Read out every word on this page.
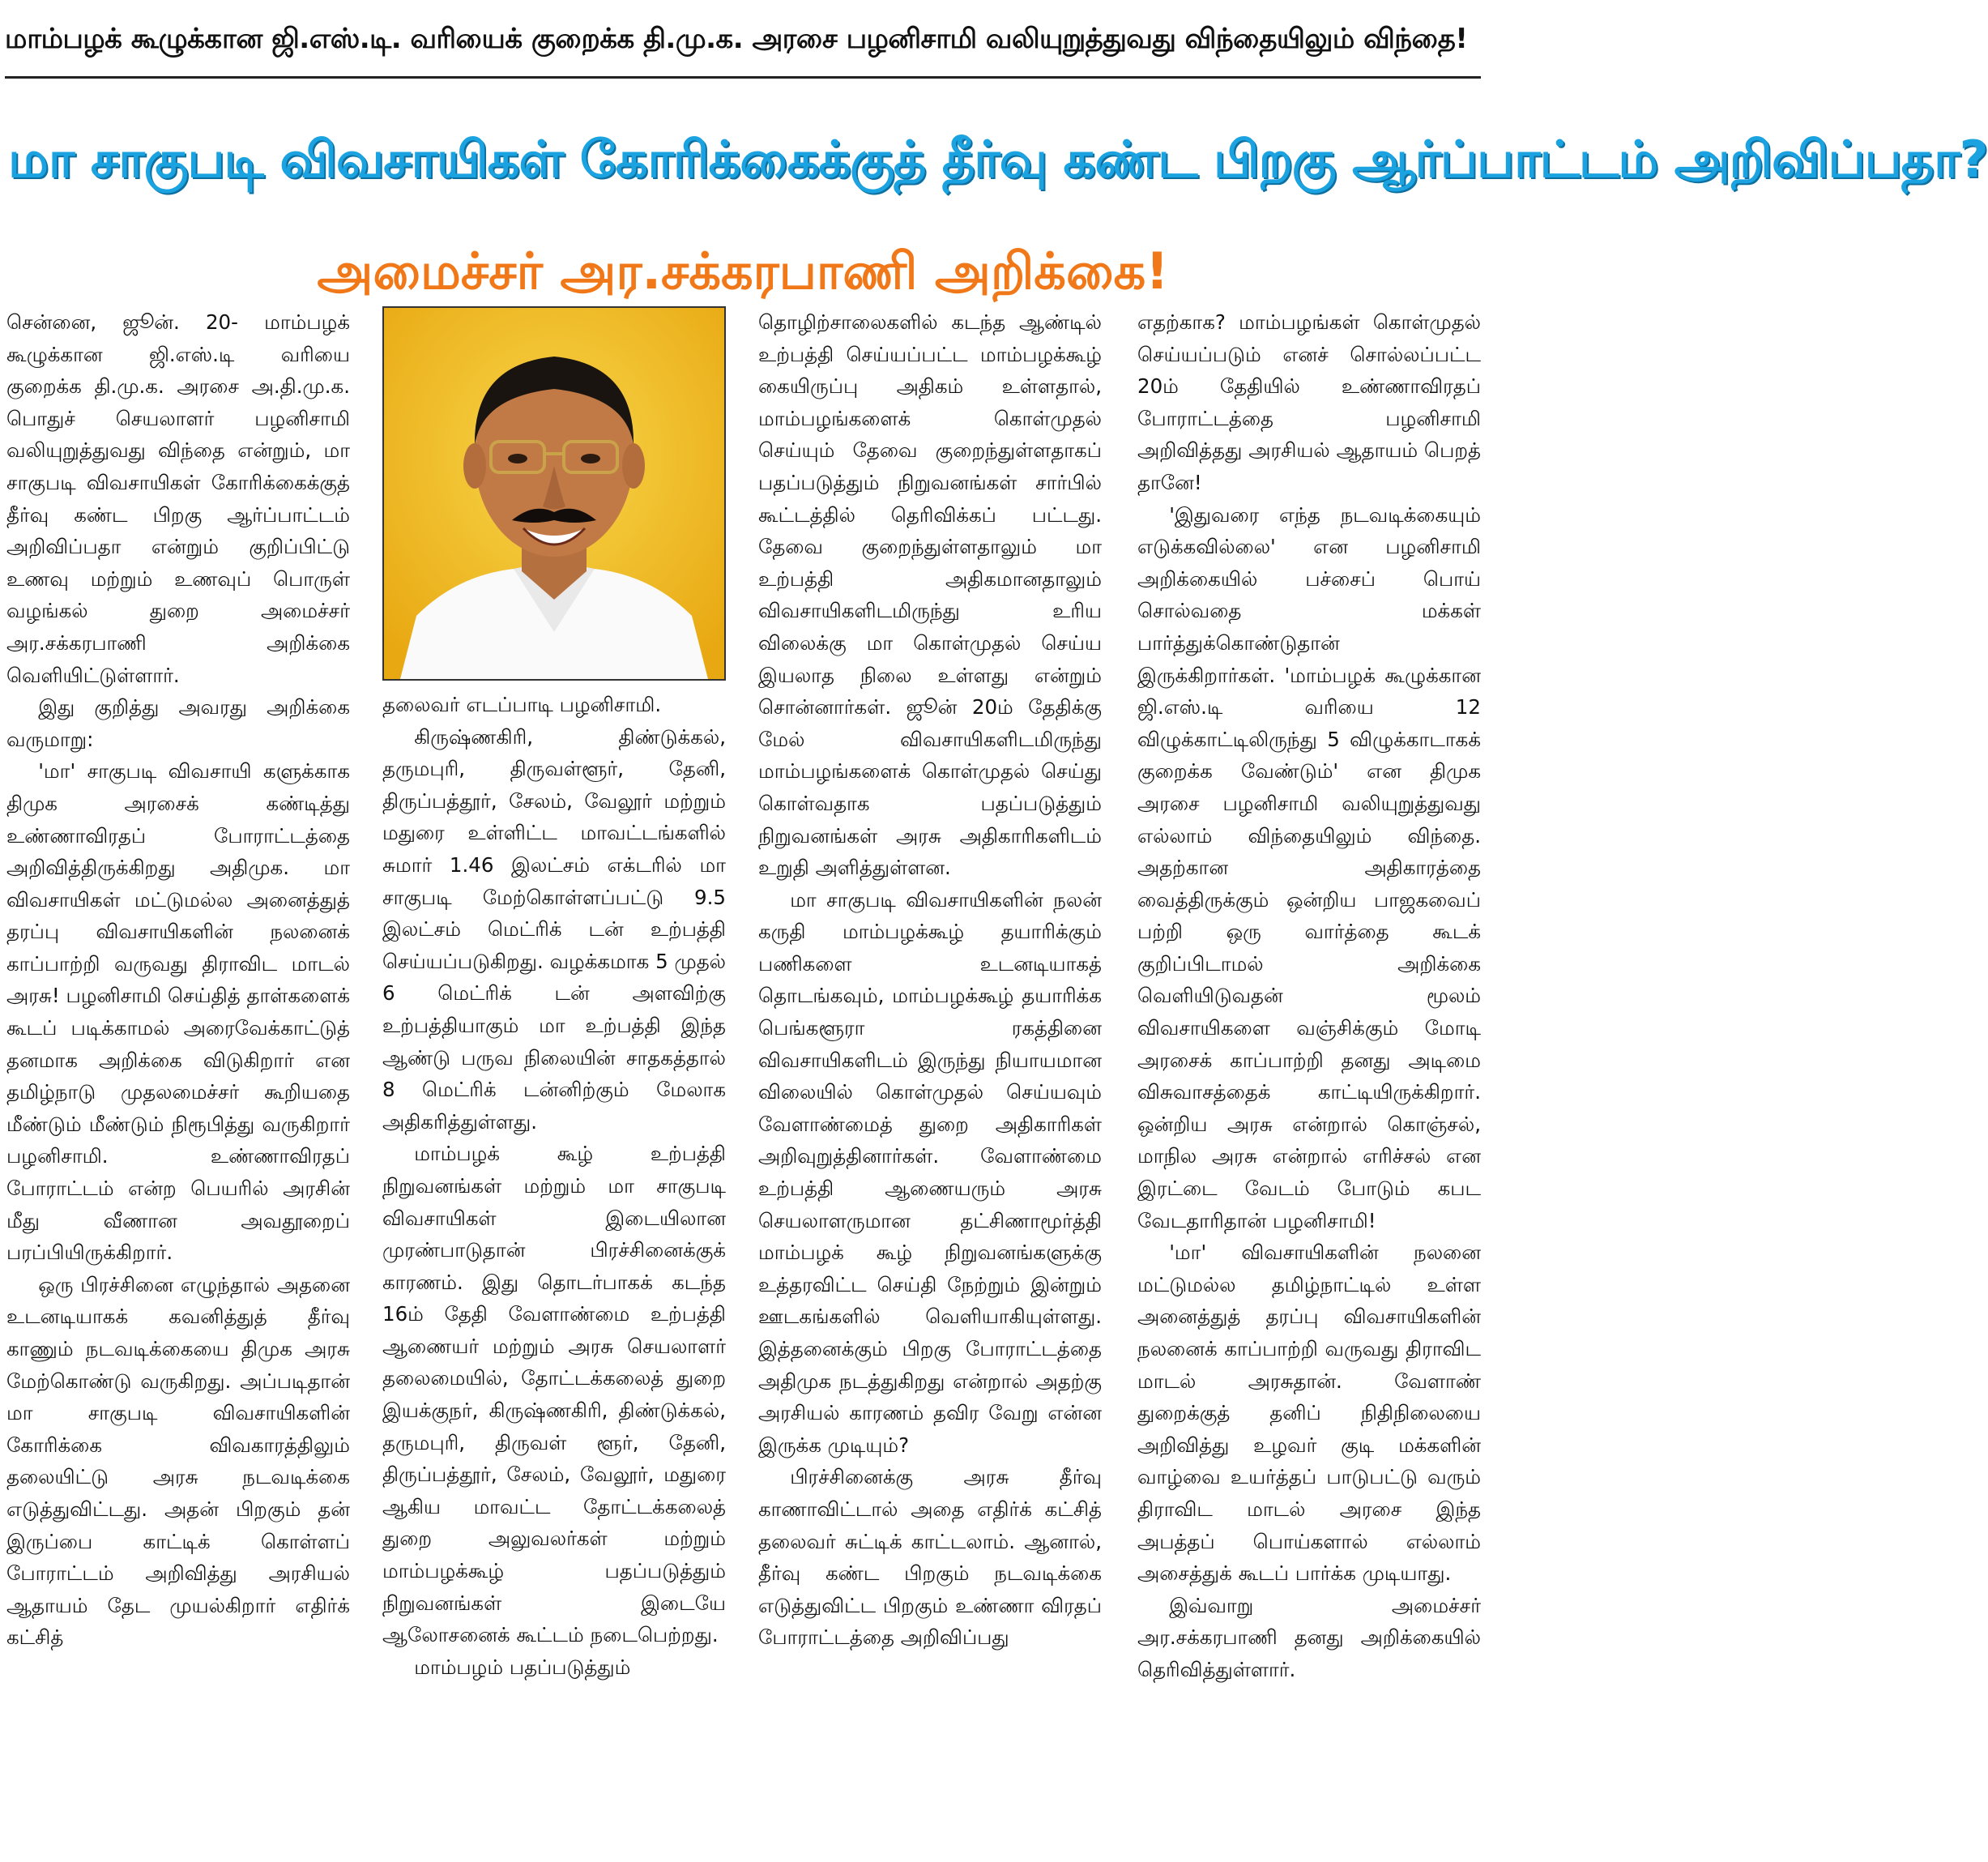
மாம்பழக் கூழுக்கான ஜி.எஸ்.டி. வரியைக் குறைக்க தி.மு.க. அரசை பழனிசாமி வலியுறுத்துவது விந்தையிலும் விந்தை!
மா சாகுபடி விவசாயிகள் கோரிக்கைக்குத் தீர்வு கண்ட பிறகு ஆர்ப்பாட்டம் அறிவிப்பதா?
அமைச்சர் அர.சக்கரபாணி அறிக்கை!

சென்னை, ஜூன். 20- மாம்பழக் கூழுக்கான ஜி.எஸ்.டி வரியை குறைக்க தி.மு.க. அரசை அ.தி.மு.க. பொதுச் செயலாளர் பழனிசாமி வலியுறுத்துவது விந்தை என்றும், மா சாகுபடி விவசாயிகள் கோரிக்கைக்குத் தீர்வு கண்ட பிறகு ஆர்ப்பாட்டம் அறிவிப்பதா என்றும் குறிப்பிட்டு உணவு மற்றும் உணவுப் பொருள் வழங்கல் துறை அமைச்சர் அர.சக்கரபாணி அறிக்கை வெளியிட்டுள்ளார்.

இது குறித்து அவரது அறிக்கை வருமாறு:

'மா' சாகுபடி விவசாயி களுக்காக திமுக அரசைக் கண்டித்து உண்ணாவிரதப் போராட்டத்தை அறிவித்திருக்கிறது அதிமுக. மா விவசாயிகள் மட்டுமல்ல அனைத்துத் தரப்பு விவசாயிகளின் நலனைக் காப்பாற்றி வருவது திராவிட மாடல் அரசு! பழனிசாமி செய்தித் தாள்களைக் கூடப் படிக்காமல் அரைவேக்காட்டுத் தனமாக அறிக்கை விடுகிறார் என தமிழ்நாடு முதலமைச்சர் கூறியதை மீண்டும் மீண்டும் நிரூபித்து வருகிறார் பழனிசாமி. உண்ணாவிரதப் போராட்டம் என்ற பெயரில் அரசின் மீது வீணான அவதூறைப் பரப்பியிருக்கிறார்.

ஒரு பிரச்சினை எழுந்தால் அதனை உடனடியாகக் கவனித்துத் தீர்வு காணும் நடவடிக்கையை திமுக அரசு மேற்கொண்டு வருகிறது. அப்படிதான் மா சாகுபடி விவசாயிகளின் கோரிக்கை விவகாரத்திலும் தலையிட்டு அரசு நடவடிக்கை எடுத்துவிட்டது. அதன் பிறகும் தன் இருப்பை காட்டிக் கொள்ளப் போராட்டம் அறிவித்து அரசியல் ஆதாயம் தேட முயல்கிறார் எதிர்க் கட்சித்

தலைவர் எடப்பாடி பழனிசாமி.

கிருஷ்ணகிரி, திண்டுக்கல், தருமபுரி, திருவள்ளூர், தேனி, திருப்பத்தூர், சேலம், வேலூர் மற்றும் மதுரை உள்ளிட்ட மாவட்டங்களில் சுமார் 1.46 இலட்சம் எக்டரில் மா சாகுபடி மேற்கொள்ளப்பட்டு 9.5 இலட்சம் மெட்ரிக் டன் உற்பத்தி செய்யப்படுகிறது. வழக்கமாக 5 முதல் 6 மெட்ரிக் டன் அளவிற்கு உற்பத்தியாகும் மா உற்பத்தி இந்த ஆண்டு பருவ நிலையின் சாதகத்தால் 8 மெட்ரிக் டன்னிற்கும் மேலாக அதிகரித்துள்ளது.

மாம்பழக் கூழ் உற்பத்தி நிறுவனங்கள் மற்றும் மா சாகுபடி விவசாயிகள் இடையிலான முரண்பாடுதான் பிரச்சினைக்குக் காரணம். இது தொடர்பாகக் கடந்த 16ம் தேதி வேளாண்மை உற்பத்தி ஆணையர் மற்றும் அரசு செயலாளர் தலைமையில், தோட்டக்கலைத் துறை இயக்குநர், கிருஷ்ணகிரி, திண்டுக்கல், தருமபுரி, திருவள் ளூர், தேனி, திருப்பத்தூர், சேலம், வேலூர், மதுரை ஆகிய மாவட்ட தோட்டக்கலைத் துறை அலுவலர்கள் மற்றும் மாம்பழக்கூழ் பதப்படுத்தும் நிறுவனங்கள் இடையே ஆலோசனைக் கூட்டம் நடைபெற்றது.

மாம்பழம் பதப்படுத்தும்

தொழிற்சாலைகளில் கடந்த ஆண்டில் உற்பத்தி செய்யப்பட்ட மாம்பழக்கூழ் கையிருப்பு அதிகம் உள்ளதால், மாம்பழங்களைக் கொள்முதல் செய்யும் தேவை குறைந்துள்ளதாகப் பதப்படுத்தும் நிறுவனங்கள் சார்பில் கூட்டத்தில் தெரிவிக்கப் பட்டது. தேவை குறைந்துள்ளதாலும் மா உற்பத்தி அதிகமானதாலும் விவசாயிகளிடமிருந்து உரிய விலைக்கு மா கொள்முதல் செய்ய இயலாத நிலை உள்ளது என்றும் சொன்னார்கள். ஜூன் 20ம் தேதிக்கு மேல் விவசாயிகளிடமிருந்து மாம்பழங்களைக் கொள்முதல் செய்து கொள்வதாக பதப்படுத்தும் நிறுவனங்கள் அரசு அதிகாரிகளிடம் உறுதி அளித்துள்ளன.

மா சாகுபடி விவசாயிகளின் நலன் கருதி மாம்பழக்கூழ் தயாரிக்கும் பணிகளை உடனடியாகத் தொடங்கவும், மாம்பழக்கூழ் தயாரிக்க பெங்களூரா ரகத்தினை விவசாயிகளிடம் இருந்து நியாயமான விலையில் கொள்முதல் செய்யவும் வேளாண்மைத் துறை அதிகாரிகள் அறிவுறுத்தினார்கள். வேளாண்மை உற்பத்தி ஆணையரும் அரசு செயலாளருமான தட்சிணாமூர்த்தி மாம்பழக் கூழ் நிறுவனங்களுக்கு உத்தரவிட்ட செய்தி நேற்றும் இன்றும் ஊடகங்களில் வெளியாகியுள்ளது. இத்தனைக்கும் பிறகு போராட்டத்தை அதிமுக நடத்துகிறது என்றால் அதற்கு அரசியல் காரணம் தவிர வேறு என்ன இருக்க முடியும்?

பிரச்சினைக்கு அரசு தீர்வு காணாவிட்டால் அதை எதிர்க் கட்சித் தலைவர் சுட்டிக் காட்டலாம். ஆனால், தீர்வு கண்ட பிறகும் நடவடிக்கை எடுத்துவிட்ட பிறகும் உண்ணா விரதப் போராட்டத்தை அறிவிப்பது

எதற்காக? மாம்பழங்கள் கொள்முதல் செய்யப்படும் எனச் சொல்லப்பட்ட 20ம் தேதியில் உண்ணாவிரதப் போராட்டத்தை பழனிசாமி அறிவித்தது அரசியல் ஆதாயம் பெறத் தானே!

'இதுவரை எந்த நடவடிக்கையும் எடுக்கவில்லை' என பழனிசாமி அறிக்கையில் பச்சைப் பொய் சொல்வதை மக்கள் பார்த்துக்கொண்டுதான் இருக்கிறார்கள். 'மாம்பழக் கூழுக்கான ஜி.எஸ்.டி வரியை 12 விழுக்காட்டிலிருந்து 5 விழுக்காடாகக் குறைக்க வேண்டும்' என திமுக அரசை பழனிசாமி வலியுறுத்துவது எல்லாம் விந்தையிலும் விந்தை. அதற்கான அதிகாரத்தை வைத்திருக்கும் ஒன்றிய பாஜகவைப் பற்றி ஒரு வார்த்தை கூடக் குறிப்பிடாமல் அறிக்கை வெளியிடுவதன் மூலம் விவசாயிகளை வஞ்சிக்கும் மோடி அரசைக் காப்பாற்றி தனது அடிமை விசுவாசத்தைக் காட்டியிருக்கிறார். ஒன்றிய அரசு என்றால் கொஞ்சல், மாநில அரசு என்றால் எரிச்சல் என இரட்டை வேடம் போடும் கபட வேடதாரிதான் பழனிசாமி!

'மா' விவசாயிகளின் நலனை மட்டுமல்ல தமிழ்நாட்டில் உள்ள அனைத்துத் தரப்பு விவசாயிகளின் நலனைக் காப்பாற்றி வருவது திராவிட மாடல் அரசுதான். வேளாண் துறைக்குத் தனிப் நிதிநிலையை அறிவித்து உழவர் குடி மக்களின் வாழ்வை உயர்த்தப் பாடுபட்டு வரும் திராவிட மாடல் அரசை இந்த அபத்தப் பொய்களால் எல்லாம் அசைத்துக் கூடப் பார்க்க முடியாது.

இவ்வாறு அமைச்சர் அர.சக்கரபாணி தனது அறிக்கையில் தெரிவித்துள்ளார்.
